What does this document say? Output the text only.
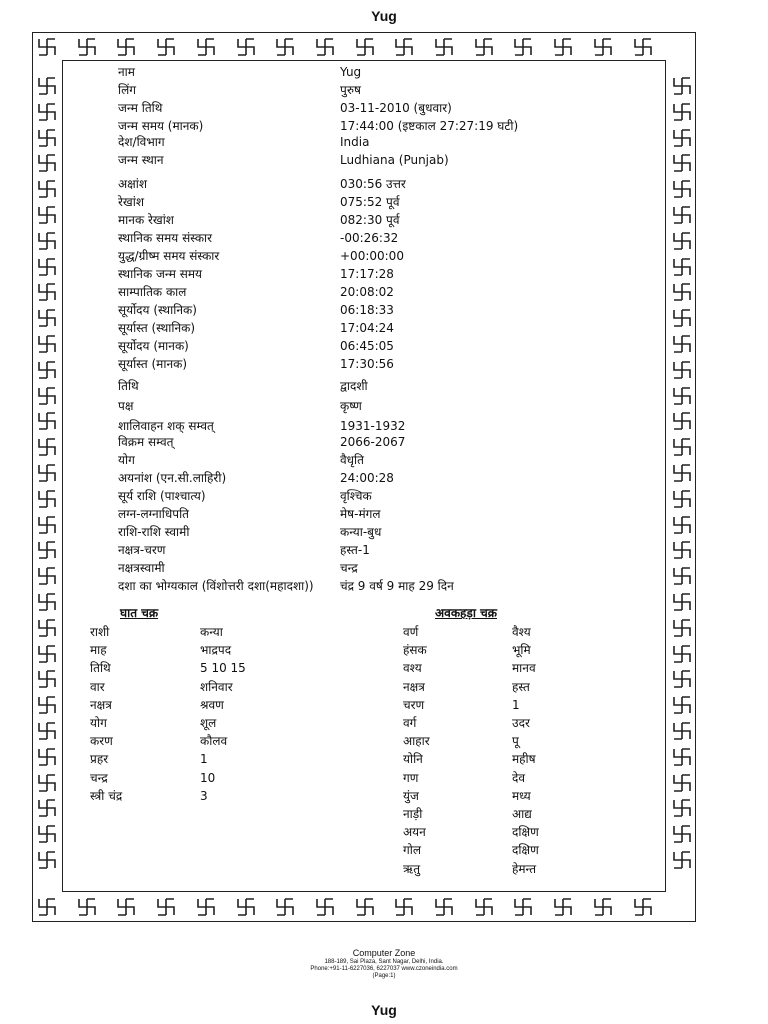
Yug
नाम	Yug
लिंग	पुरुष
जन्म तिथि	03-11-2010 (बुधवार)
जन्म समय (मानक)	17:44:00 (इष्टकाल 27:27:19 घटी)
देश/विभाग	India
जन्म स्थान	Ludhiana (Punjab)
अक्षांश	030:56 उत्तर
रेखांश	075:52 पूर्व
मानक रेखांश	082:30 पूर्व
स्थानिक समय संस्कार	-00:26:32
युद्ध/ग्रीष्म समय संस्कार	+00:00:00
स्थानिक जन्म समय	17:17:28
साम्पातिक काल	20:08:02
सूर्योदय (स्थानिक)	06:18:33
सूर्यास्त (स्थानिक)	17:04:24
सूर्योदय (मानक)	06:45:05
सूर्यास्त (मानक)	17:30:56
तिथि	द्वादशी
पक्ष	कृष्ण
शालिवाहन शक् सम्वत्	1931-1932
विक्रम सम्वत्	2066-2067
योग	वैधृति
अयनांश (एन.सी.लाहिरी)	24:00:28
सूर्य राशि (पाश्चात्य)	वृश्चिक
लग्न-लग्नाधिपति	मेष-मंगल
राशि-राशि स्वामी	कन्या-बुध
नक्षत्र-चरण	हस्त-1
नक्षत्रस्वामी	चन्द्र
दशा का भोग्यकाल (विंशोत्तरी दशा(महादशा)) चंद्र 9 वर्ष 9 माह 29 दिन
घात चक्र	अवकहड़ा चक्र
राशी	कन्या
माह	भाद्रपद
तिथि	5 10 15
वार	शनिवार
नक्षत्र	श्रवण
योग	शूल
करण	कौलव
प्रहर	1
चन्द्र	10
स्त्री चंद्र	3
वर्ण	वैश्य
हंसक	भूमि
वश्य	मानव
नक्षत्र	हस्त
चरण	1
वर्ग	उदर
आहार	पू
योनि	महीष
गण	देव
युंज	मध्य
नाड़ी	आद्य
अयन	दक्षिण
गोल	दक्षिण
ऋतु	हेमन्त
Computer Zone
188-189, Sai Plaza, Sant Nagar, Delhi, India.
Phone:+91-11-6227036, 6227037 www.czoneindia.com
(Page:1)
Yug
